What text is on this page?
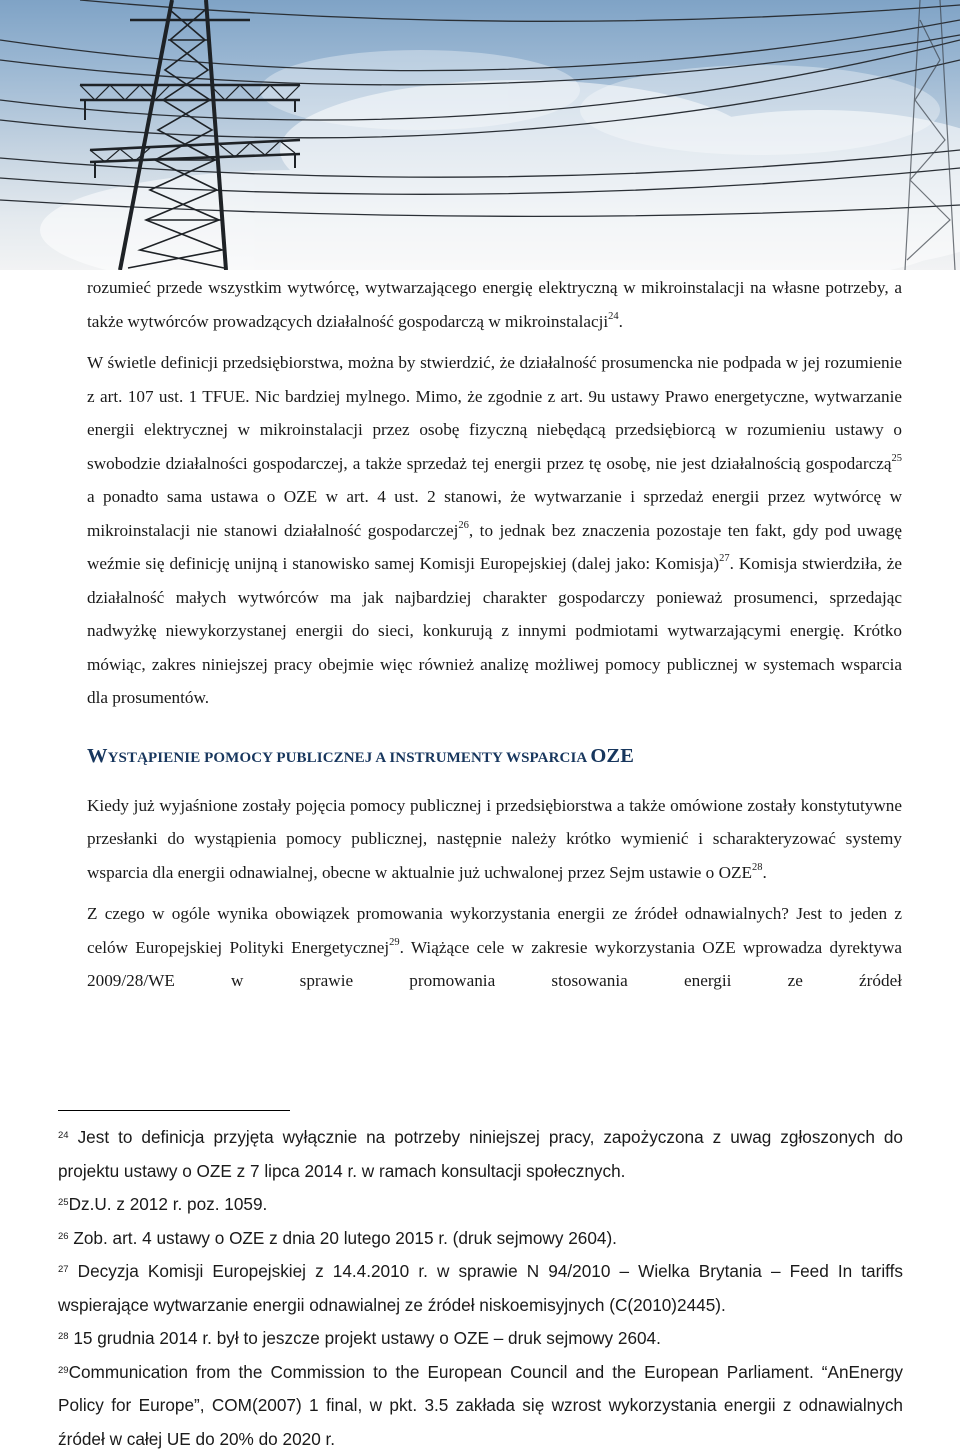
rozumieć przede wszystkim wytwórcę, wytwarzającego energię elektryczną w mikroinstalacji na własne potrzeby, a także wytwórców prowadzących działalność gospodarczą w mikroinstalacji$^{24}$.

W świetle definicji przedsiębiorstwa, można by stwierdzić, że działalność prosumencka nie podpada w jej rozumienie z art. 107 ust. 1 TFUE. Nic bardziej mylnego. Mimo, że zgodnie z art. 9u ustawy Prawo energetyczne, wytwarzanie energii elektrycznej w mikroinstalacji przez osobę fizyczną niebędącą przedsiębiorcą w rozumieniu ustawy o swobodzie działalności gospodarczej, a także sprzedaż tej energii przez tę osobę, nie jest działalnością gospodarczą$^{25}$ a ponadto sama ustawa o OZE w art. 4 ust. 2 stanowi, że wytwarzanie i sprzedaż energii przez wytwórcę w mikroinstalacji nie stanowi działalność gospodarczej$^{26}$, to jednak bez znaczenia pozostaje ten fakt, gdy pod uwagę weźmie się definicję unijną i stanowisko samej Komisji Europejskiej (dalej jako: Komisja)$^{27}$. Komisja stwierdziła, że działalność małych wytwórców ma jak najbardziej charakter gospodarczy ponieważ prosumenci, sprzedając nadwyżkę niewykorzystanej energii do sieci, konkurują z innymi podmiotami wytwarzającymi energię. Krótko mówiąc, zakres niniejszej pracy obejmie więc również analizę możliwej pomocy publicznej w systemach wsparcia dla prosumentów.

WYSTĄPIENIE POMOCY PUBLICZNEJ A INSTRUMENTY WSPARCIA OZE

Kiedy już wyjaśnione zostały pojęcia pomocy publicznej i przedsiębiorstwa a także omówione zostały konstytutywne przesłanki do wystąpienia pomocy publicznej, następnie należy krótko wymienić i scharakteryzować systemy wsparcia dla energii odnawialnej, obecne w aktualnie już uchwalonej przez Sejm ustawie o OZE$^{28}$.

Z czego w ogóle wynika obowiązek promowania wykorzystania energii ze źródeł odnawialnych? Jest to jeden z celów Europejskiej Polityki Energetycznej$^{29}$. Wiążące cele w zakresie wykorzystania OZE wprowadza dyrektywa 2009/28/WE w sprawie promowania stosowania energii ze źródeł

$^{24}$ Jest to definicja przyjęta wyłącznie na potrzeby niniejszej pracy, zapożyczona z uwag zgłoszonych do projektu ustawy o OZE z 7 lipca 2014 r. w ramach konsultacji społecznych.

$^{25}$Dz.U. z 2012 r. poz. 1059.

$^{26}$ Zob. art. 4 ustawy o OZE z dnia 20 lutego 2015 r. (druk sejmowy 2604).

$^{27}$ Decyzja Komisji Europejskiej z 14.4.2010 r. w sprawie N 94/2010 – Wielka Brytania – Feed In tariffs wspierające wytwarzanie energii odnawialnej ze źródeł niskoemisyjnych (C(2010)2445).

$^{28}$ 15 grudnia 2014 r. był to jeszcze projekt ustawy o OZE – druk sejmowy 2604.

$^{29}$Communication from the Commission to the European Council and the European Parliament. “AnEnergy Policy for Europe”, COM(2007) 1 final, w pkt. 3.5 zakłada się wzrost wykorzystania energii z odnawialnych źródeł w całej UE do 20% do 2020 r.
